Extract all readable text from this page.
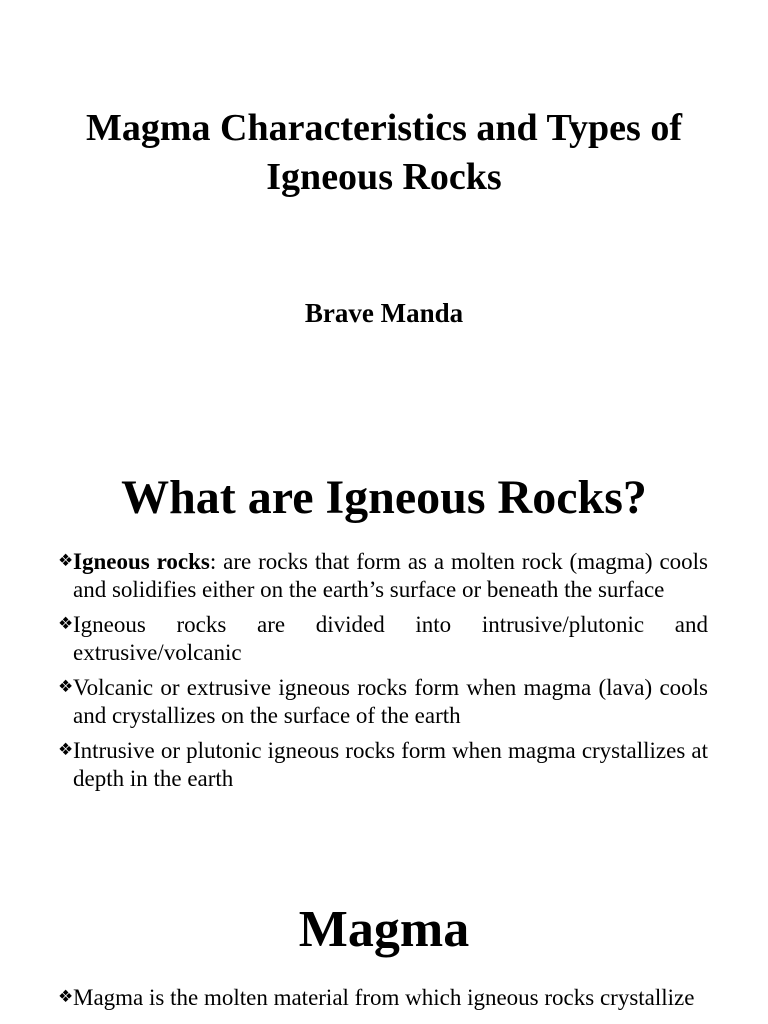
Magma Characteristics and Types of Igneous Rocks
Brave Manda
What are Igneous Rocks?
❖ Igneous rocks: are rocks that form as a molten rock (magma) cools and solidifies either on the earth’s surface or beneath the surface
❖ Igneous rocks are divided into intrusive/plutonic and extrusive/volcanic
❖ Volcanic or extrusive igneous rocks form when magma (lava) cools and crystallizes on the surface of the earth
❖ Intrusive or plutonic igneous rocks form when magma crystallizes at depth in the earth
Magma
❖ Magma is the molten material from which igneous rocks crystallize
